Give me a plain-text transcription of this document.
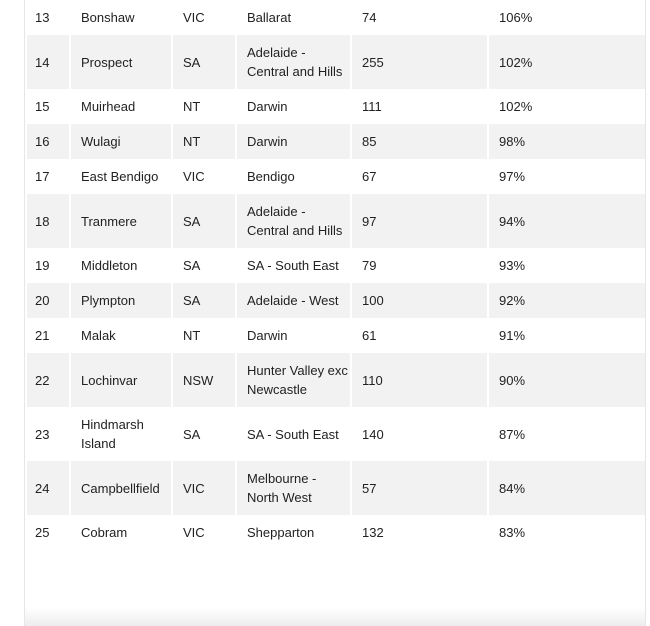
13	Bonshaw	VIC	Ballarat	74	106%
14	Prospect	SA	Adelaide - Central and Hills	255	102%
15	Muirhead	NT	Darwin	111	102%
16	Wulagi	NT	Darwin	85	98%
17	East Bendigo	VIC	Bendigo	67	97%
18	Tranmere	SA	Adelaide - Central and Hills	97	94%
19	Middleton	SA	SA - South East	79	93%
20	Plympton	SA	Adelaide - West	100	92%
21	Malak	NT	Darwin	61	91%
22	Lochinvar	NSW	Hunter Valley exc Newcastle	110	90%
23	Hindmarsh Island	SA	SA - South East	140	87%
24	Campbellfield	VIC	Melbourne - North West	57	84%
25	Cobram	VIC	Shepparton	132	83%
